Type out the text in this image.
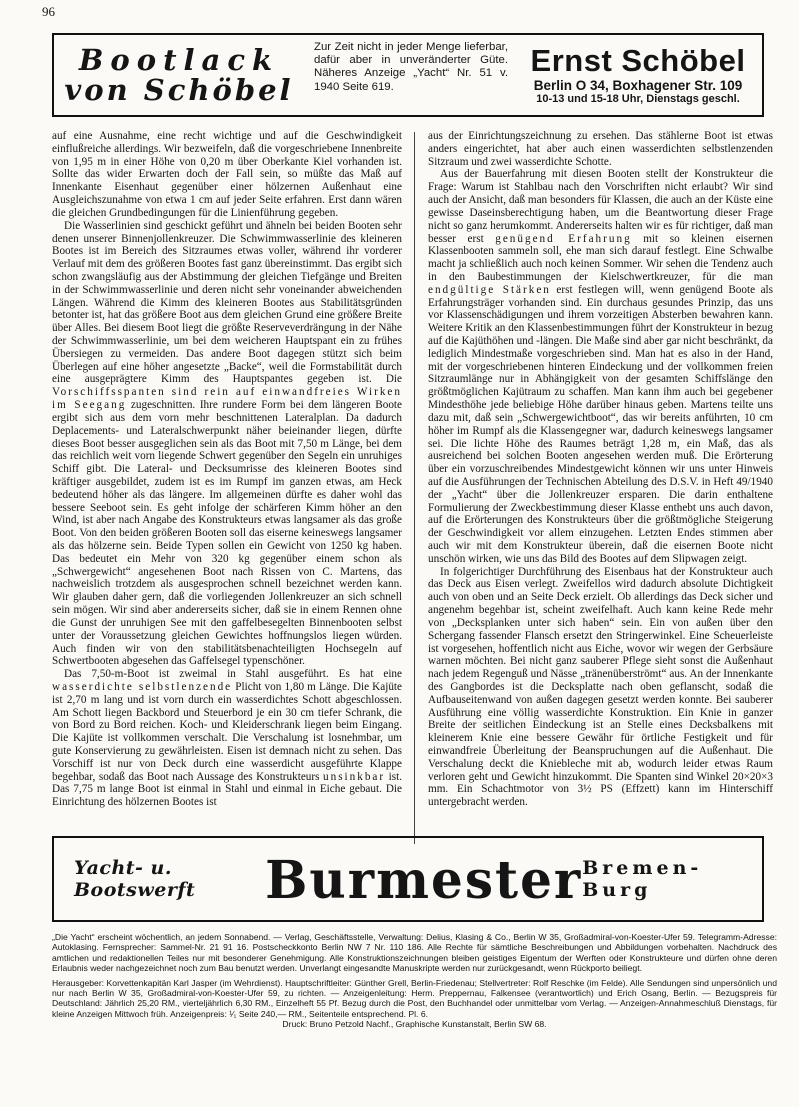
96
Bootlack
von Schöbel
Zur Zeit nicht in jeder Menge lieferbar, dafür aber in unveränderter Güte. Näheres Anzeige „Yacht“ Nr. 51 v. 1940 Seite 619.
Ernst Schöbel
Berlin O 34, Boxhagener Str. 109
10-13 und 15-18 Uhr, Dienstags geschl.

auf eine Ausnahme, eine recht wichtige und auf die Geschwindigkeit einflußreiche allerdings. Wir bezweifeln, daß die vorgeschriebene Innenbreite von 1,95 m in einer Höhe von 0,20 m über Oberkante Kiel vorhanden ist. Sollte das wider Erwarten doch der Fall sein, so müßte das Maß auf Innenkante Eisenhaut gegenüber einer hölzernen Außenhaut eine Ausgleichszunahme von etwa 1 cm auf jeder Seite erfahren. Erst dann wären die gleichen Grundbedingungen für die Linienführung gegeben.

Die Wasserlinien sind geschickt geführt und ähneln bei beiden Booten sehr denen unserer Binnenjollenkreuzer. Die Schwimmwasserlinie des kleineren Bootes ist im Bereich des Sitzraumes etwas voller, während ihr vorderer Verlauf mit dem des größeren Bootes fast ganz übereinstimmt. Das ergibt sich schon zwangsläufig aus der Abstimmung der gleichen Tiefgänge und Breiten in der Schwimmwasserlinie und deren nicht sehr voneinander abweichenden Längen. Während die Kimm des kleineren Bootes aus Stabilitätsgründen betonter ist, hat das größere Boot aus dem gleichen Grund eine größere Breite über Alles. Bei diesem Boot liegt die größte Reserveverdrängung in der Nähe der Schwimmwasserlinie, um bei dem weicheren Hauptspant ein zu frühes Übersiegen zu vermeiden. Das andere Boot dagegen stützt sich beim Überlegen auf eine höher angesetzte „Backe“, weil die Formstabilität durch eine ausgeprägtere Kimm des Hauptspantes gegeben ist. Die Vorschiffsspanten sind rein auf einwandfreies Wirken im Seegang zugeschnitten. Ihre rundere Form bei dem längeren Boote ergibt sich aus dem vorn mehr beschnittenen Lateralplan. Da dadurch Deplacements- und Lateralschwerpunkt näher beieinander liegen, dürfte dieses Boot besser ausgeglichen sein als das Boot mit 7,50 m Länge, bei dem das reichlich weit vorn liegende Schwert gegenüber den Segeln ein unruhiges Schiff gibt. Die Lateral- und Decksumrisse des kleineren Bootes sind kräftiger ausgebildet, zudem ist es im Rumpf im ganzen etwas, am Heck bedeutend höher als das längere. Im allgemeinen dürfte es daher wohl das bessere Seeboot sein. Es geht infolge der schärferen Kimm höher an den Wind, ist aber nach Angabe des Konstrukteurs etwas langsamer als das große Boot. Von den beiden größeren Booten soll das eiserne keineswegs langsamer als das hölzerne sein. Beide Typen sollen ein Gewicht von 1250 kg haben. Das bedeutet ein Mehr von 320 kg gegenüber einem schon als „Schwergewicht“ angesehenen Boot nach Rissen von C. Martens, das nachweislich trotzdem als ausgesprochen schnell bezeichnet werden kann. Wir glauben daher gern, daß die vorliegenden Jollenkreuzer an sich schnell sein mögen. Wir sind aber andererseits sicher, daß sie in einem Rennen ohne die Gunst der unruhigen See mit den gaffelbesegelten Binnenbooten selbst unter der Voraussetzung gleichen Gewichtes hoffnungslos liegen würden. Auch finden wir von den stabilitätsbenachteiligten Hochsegeln auf Schwertbooten abgesehen das Gaffelsegel typenschöner.

Das 7,50-m-Boot ist zweimal in Stahl ausgeführt. Es hat eine wasserdichte selbstlenzende Plicht von 1,80 m Länge. Die Kajüte ist 2,70 m lang und ist vorn durch ein wasserdichtes Schott abgeschlossen. Am Schott liegen Backbord und Steuerbord je ein 30 cm tiefer Schrank, die von Bord zu Bord reichen. Koch- und Kleiderschrank liegen beim Eingang. Die Kajüte ist vollkommen verschalt. Die Verschalung ist losnehmbar, um gute Konservierung zu gewährleisten. Eisen ist demnach nicht zu sehen. Das Vorschiff ist nur von Deck durch eine wasserdicht ausgeführte Klappe begehbar, sodaß das Boot nach Aussage des Konstrukteurs unsinkbar ist. Das 7,75 m lange Boot ist einmal in Stahl und einmal in Eiche gebaut. Die Einrichtung des hölzernen Bootes ist

aus der Einrichtungszeichnung zu ersehen. Das stählerne Boot ist etwas anders eingerichtet, hat aber auch einen wasserdichten selbstlenzenden Sitzraum und zwei wasserdichte Schotte.

Aus der Bauerfahrung mit diesen Booten stellt der Konstrukteur die Frage: Warum ist Stahlbau nach den Vorschriften nicht erlaubt? Wir sind auch der Ansicht, daß man besonders für Klassen, die auch an der Küste eine gewisse Daseinsberechtigung haben, um die Beantwortung dieser Frage nicht so ganz herumkommt. Andererseits halten wir es für richtiger, daß man besser erst genügend Erfahrung mit so kleinen eisernen Klassenbooten sammeln soll, ehe man sich darauf festlegt. Eine Schwalbe macht ja schließlich auch noch keinen Sommer. Wir sehen die Tendenz auch in den Baubestimmungen der Kielschwertkreuzer, für die man endgültige Stärken erst festlegen will, wenn genügend Boote als Erfahrungsträger vorhanden sind. Ein durchaus gesundes Prinzip, das uns vor Klassenschädigungen und ihrem vorzeitigen Absterben bewahren kann. Weitere Kritik an den Klassenbestimmungen führt der Konstrukteur in bezug auf die Kajüthöhen und -längen. Die Maße sind aber gar nicht beschränkt, da lediglich Mindestmaße vorgeschrieben sind. Man hat es also in der Hand, mit der vorgeschriebenen hinteren Eindeckung und der vollkommen freien Sitzraumlänge nur in Abhängigkeit von der gesamten Schiffslänge den größtmöglichen Kajütraum zu schaffen. Man kann ihm auch bei gegebener Mindesthöhe jede beliebige Höhe darüber hinaus geben. Martens teilte uns dazu mit, daß sein „Schwergewichtboot“, das wir bereits anführten, 10 cm höher im Rumpf als die Klassengegner war, dadurch keineswegs langsamer sei. Die lichte Höhe des Raumes beträgt 1,28 m, ein Maß, das als ausreichend bei solchen Booten angesehen werden muß. Die Erörterung über ein vorzuschreibendes Mindestgewicht können wir uns unter Hinweis auf die Ausführungen der Technischen Abteilung des D.S.V. in Heft 49/1940 der „Yacht“ über die Jollenkreuzer ersparen. Die darin enthaltene Formulierung der Zweckbestimmung dieser Klasse enthebt uns auch davon, auf die Erörterungen des Konstrukteurs über die größtmögliche Steigerung der Geschwindigkeit vor allem einzugehen. Letzten Endes stimmen aber auch wir mit dem Konstrukteur überein, daß die eisernen Boote nicht unschön wirken, wie uns das Bild des Bootes auf dem Slipwagen zeigt.

In folgerichtiger Durchführung des Eisenbaus hat der Konstrukteur auch das Deck aus Eisen verlegt. Zweifellos wird dadurch absolute Dichtigkeit auch von oben und an Seite Deck erzielt. Ob allerdings das Deck sicher und angenehm begehbar ist, scheint zweifelhaft. Auch kann keine Rede mehr von „Decksplanken unter sich haben“ sein. Ein von außen über den Schergang fassender Flansch ersetzt den Stringerwinkel. Eine Scheuerleiste ist vorgesehen, hoffentlich nicht aus Eiche, wovor wir wegen der Gerbsäure warnen möchten. Bei nicht ganz sauberer Pflege sieht sonst die Außenhaut nach jedem Regenguß und Nässe „tränenüberströmt“ aus. An der Innenkante des Gangbordes ist die Decksplatte nach oben geflanscht, sodaß die Aufbauseitenwand von außen dagegen gesetzt werden konnte. Bei sauberer Ausführung eine völlig wasserdichte Konstruktion. Ein Knie in ganzer Breite der seitlichen Eindeckung ist an Stelle eines Decksbalkens mit kleinerem Knie eine bessere Gewähr für örtliche Festigkeit und für einwandfreie Überleitung der Beanspruchungen auf die Außenhaut. Die Verschalung deckt die Kniebleche mit ab, wodurch leider etwas Raum verloren geht und Gewicht hinzukommt. Die Spanten sind Winkel 20×20×3 mm. Ein Schachtmotor von 3½ PS (Effzett) kann im Hinterschiff untergebracht werden.

Yacht- u. Bootswerft	Burmester Bremen-Burg

„Die Yacht“ erscheint wöchentlich, an jedem Sonnabend. — Verlag, Geschäftsstelle, Verwaltung: Delius, Klasing & Co., Berlin W 35, Großadmiral-von-Koester-Ufer 59. Telegramm-Adresse: Autoklasing. Fernsprecher: Sammel-Nr. 21 91 16. Postscheckkonto Berlin NW 7 Nr. 110 186. Alle Rechte für sämtliche Beschreibungen und Abbildungen vorbehalten. Nachdruck des amtlichen und redaktionellen Teiles nur mit besonderer Genehmigung. Alle Konstruktionszeichnungen bleiben geistiges Eigentum der Werften oder Konstrukteure und dürfen ohne deren Erlaubnis weder nachgezeichnet noch zum Bau benutzt werden. Unverlangt eingesandte Manuskripte werden nur zurückgesandt, wenn Rückporto beiliegt.

Herausgeber: Korvettenkapitän Karl Jasper (im Wehrdienst). Hauptschriftleiter: Günther Grell, Berlin-Friedenau; Stellvertreter: Rolf Reschke (im Felde). Alle Sendungen sind unpersönlich und nur nach Berlin W 35, Großadmiral-von-Koester-Ufer 59, zu richten. — Anzeigenleitung: Herm. Preppernau, Falkensee (verantwortlich) und Erich Osang, Berlin. — Bezugspreis für Deutschland: Jährlich 25,20 RM., vierteljährlich 6,30 RM., Einzelheft 55 Pf. Bezug durch die Post, den Buchhandel oder unmittelbar vom Verlag. — Anzeigen-Annahmeschluß Dienstags, für kleine Anzeigen Mittwoch früh. Anzeigenpreis: ¹⁄₁ Seite 240,— RM., Seitenteile entsprechend. Pl. 6.

Druck: Bruno Petzold Nachf., Graphische Kunstanstalt, Berlin SW 68.
